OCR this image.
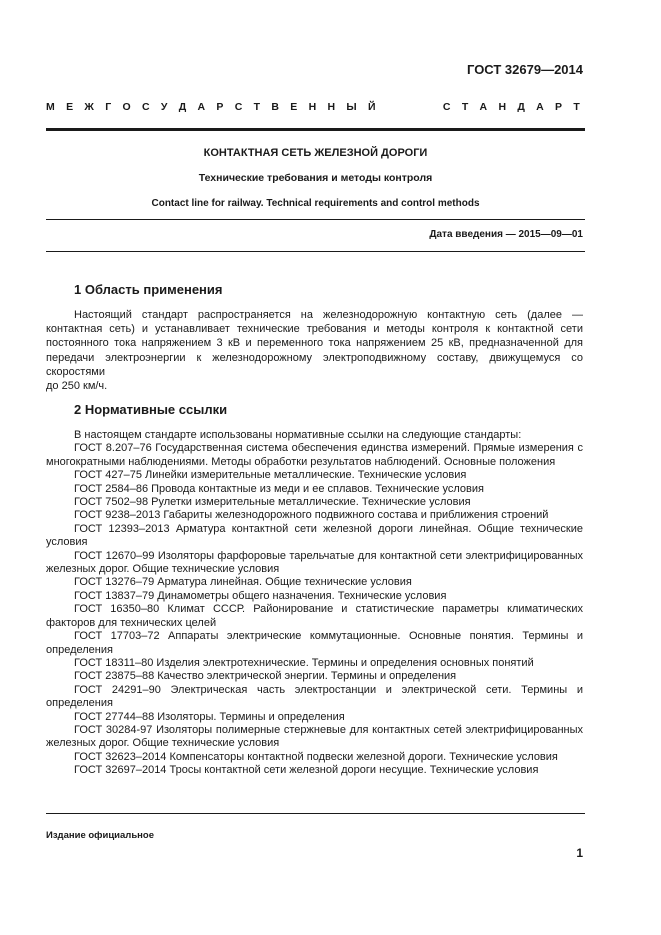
ГОСТ 32679—2014
М Е Ж Г О С У Д А Р С Т В Е Н Н Ы Й	С Т А Н Д А Р Т
КОНТАКТНАЯ СЕТЬ ЖЕЛЕЗНОЙ ДОРОГИ
Технические требования и методы контроля
Contact line for railway. Technical requirements and control methods
Дата введения — 2015—09—01
1 Область применения

Настоящий стандарт распространяется на железнодорожную контактную сеть (далее — контактная сеть) и устанавливает технические требования и методы контроля к контактной сети постоянного тока напряжением 3 кВ и переменного тока напряжением 25 кВ, предназначенной для передачи электроэнергии к железнодорожному электроподвижному составу, движущемуся со скоростями

до 250 км/ч.

2 Нормативные ссылки

В настоящем стандарте использованы нормативные ссылки на следующие стандарты:

ГОСТ 8.207–76 Государственная система обеспечения единства измерений. Прямые измерения с многократными наблюдениями. Методы обработки результатов наблюдений. Основные положения

ГОСТ 427–75 Линейки измерительные металлические. Технические условия

ГОСТ 2584–86 Провода контактные из меди и ее сплавов. Технические условия

ГОСТ 7502–98 Рулетки измерительные металлические. Технические условия

ГОСТ 9238–2013 Габариты железнодорожного подвижного состава и приближения строений

ГОСТ 12393–2013 Арматура контактной сети железной дороги линейная. Общие технические условия

ГОСТ 12670–99 Изоляторы фарфоровые тарельчатые для контактной сети электрифицированных железных дорог. Общие технические условия

ГОСТ 13276–79 Арматура линейная. Общие технические условия

ГОСТ 13837–79 Динамометры общего назначения. Технические условия

ГОСТ 16350–80 Климат СССР. Районирование и статистические параметры климатических факторов для технических целей

ГОСТ 17703–72 Аппараты электрические коммутационные. Основные понятия. Термины и определения

ГОСТ 18311–80 Изделия электротехнические. Термины и определения основных понятий

ГОСТ 23875–88 Качество электрической энергии. Термины и определения

ГОСТ 24291–90 Электрическая часть электростанции и электрической сети. Термины и определения

ГОСТ 27744–88 Изоляторы. Термины и определения

ГОСТ 30284-97 Изоляторы полимерные стержневые для контактных сетей электрифицированных железных дорог. Общие технические условия

ГОСТ 32623–2014 Компенсаторы контактной подвески железной дороги. Технические условия

ГОСТ 32697–2014 Тросы контактной сети железной дороги несущие. Технические условия

Издание официальное
1
